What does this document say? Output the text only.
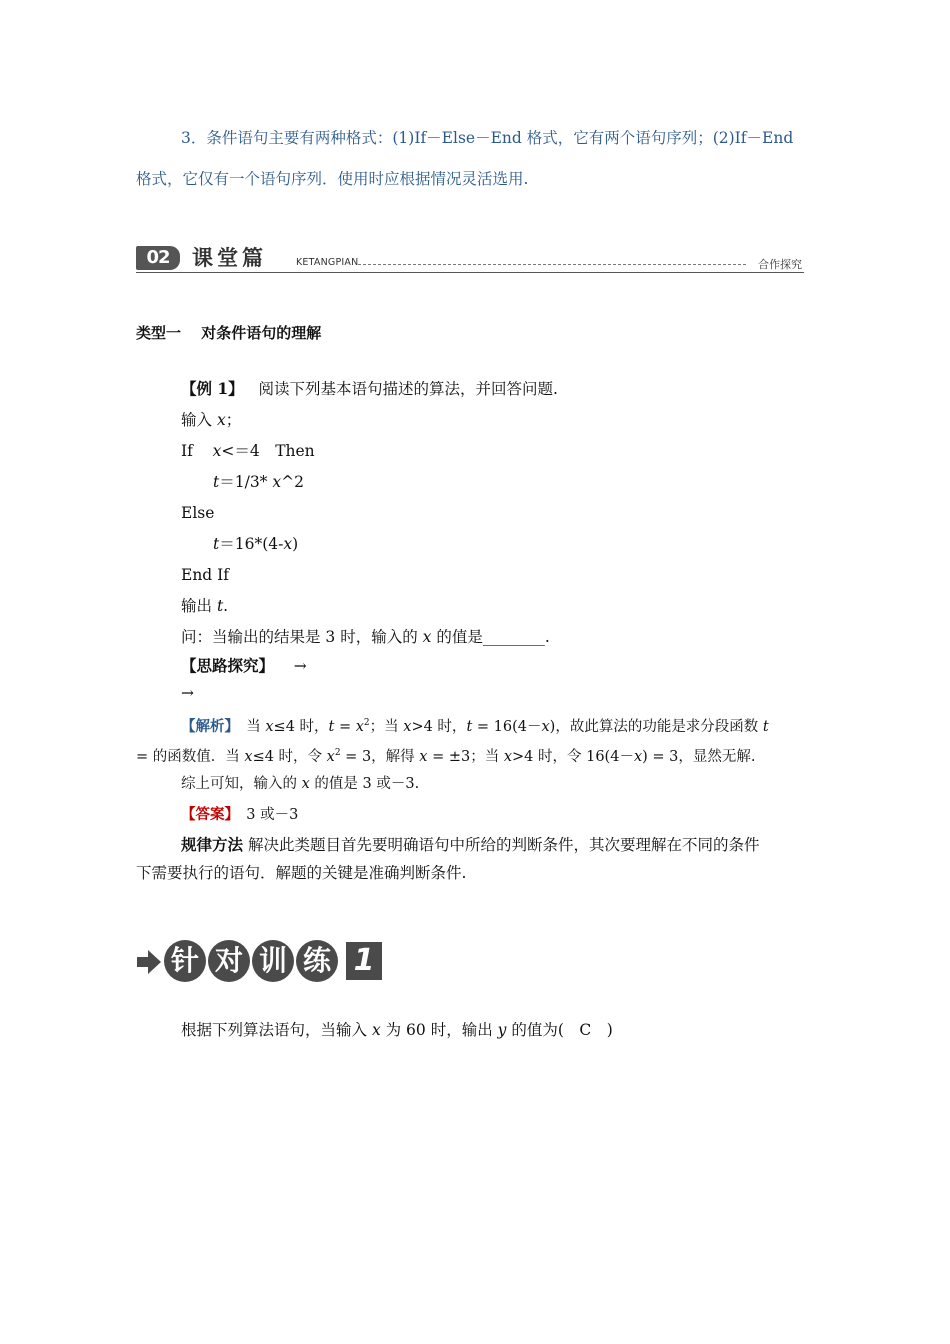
3．条件语句主要有两种格式：(1)If－Else－End 格式，它有两个语句序列；(2)If－End
格式，它仅有一个语句序列．使用时应根据情况灵活选用.
02	课堂篇	KETANGPIAN	合作探究
类型一　 对条件语句的理解
【例 1】 阅读下列基本语句描述的算法，并回答问题.
输入 x；
If x<＝4　Then
t＝1/3* x^2
Else
t＝16*(4-x)
End If
输出 t.
问：当输出的结果是 3 时，输入的 x 的值是________.
【思路探究】 →
→
【解析】　当 x≤4 时，$t = x^2$；当 x>4 时，t = 16(4－x)，故此算法的功能是求分段函数 t
= 的函数值．当 x≤4 时，令 $x^2 = 3$，解得 x = ±3；当 x>4 时，令 16(4－x) = 3，显然无解.
综上可知，输入的 x 的值是 3 或－3.
【答案】　3 或－3
规律方法 解决此类题目首先要明确语句中所给的判断条件，其次要理解在不同的条件
下需要执行的语句．解题的关键是准确判断条件.
针 对 训 练 1
根据下列算法语句，当输入 x 为 60 时，输出 y 的值为(　C　)
